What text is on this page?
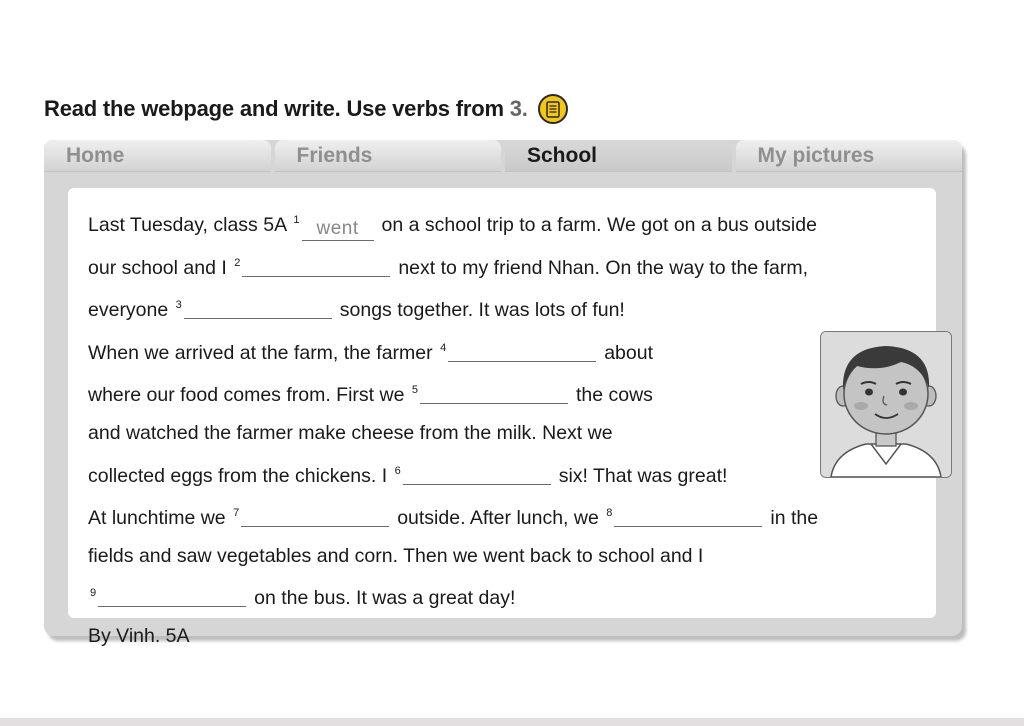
Read the webpage and write. Use verbs from 3.
Home	Friends	School	My pictures
Last Tuesday, class 5A $^1$ went on a school trip to a farm. We got on a bus outside
our school and I $^2$	next to my friend Nhan. On the way to the farm,
everyone $^3$	songs together. It was lots of fun!
When we arrived at the farm, the farmer $^4$	about
where our food comes from. First we $^5$	the cows
and watched the farmer make cheese from the milk. Next we
collected eggs from the chickens. I $^6$	six! That was great!
At lunchtime we $^7$	outside. After lunch, we $^8$	in the
fields and saw vegetables and corn. Then we went back to school and I
$^9$	on the bus. It was a great day!
By Vinh. 5A
